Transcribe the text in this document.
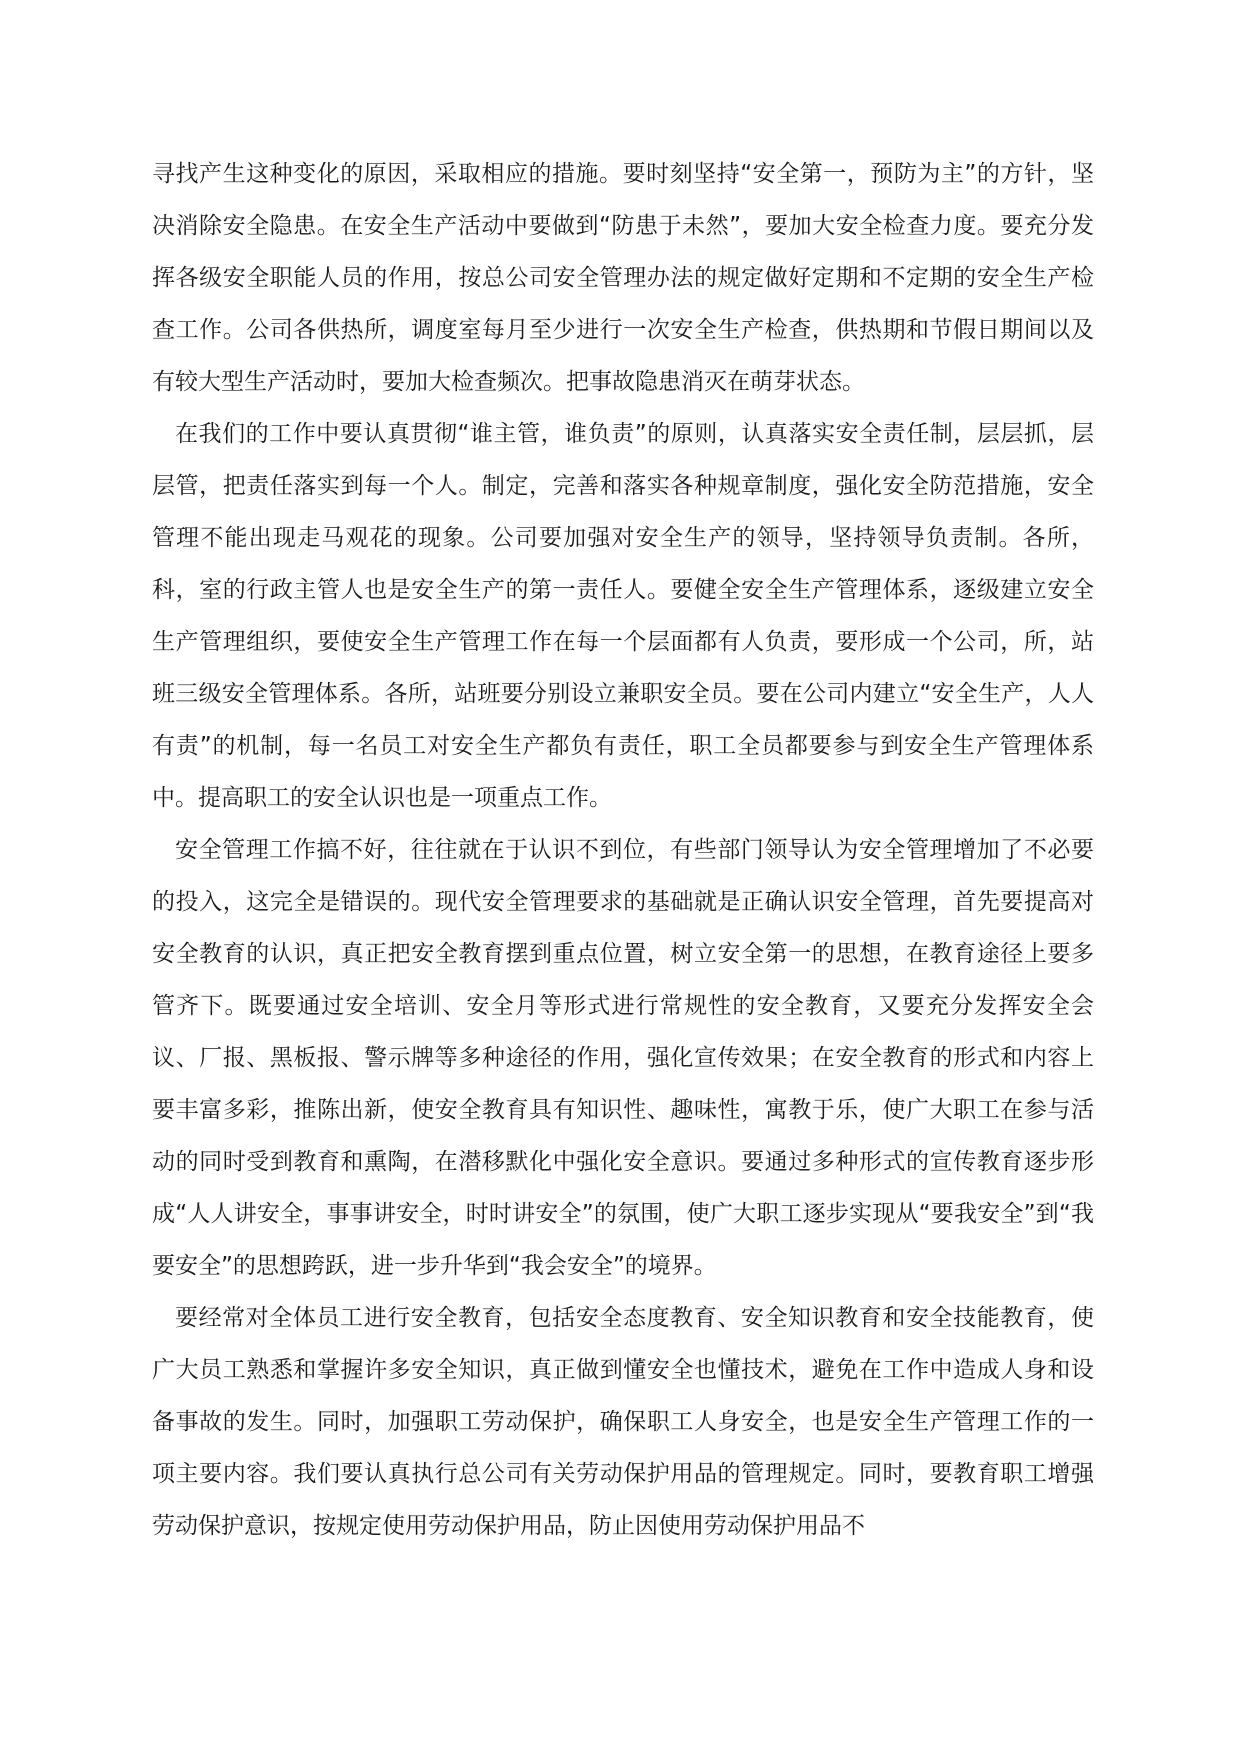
寻找产生这种变化的原因，采取相应的措施。要时刻坚持“安全第一，预防为主”的方针，坚决消除安全隐患。在安全生产活动中要做到“防患于未然”，要加大安全检查力度。要充分发挥各级安全职能人员的作用，按总公司安全管理办法的规定做好定期和不定期的安全生产检查工作。公司各供热所，调度室每月至少进行一次安全生产检查，供热期和节假日期间以及有较大型生产活动时，要加大检查频次。把事故隐患消灭在萌芽状态。

在我们的工作中要认真贯彻“谁主管，谁负责”的原则，认真落实安全责任制，层层抓，层层管，把责任落实到每一个人。制定，完善和落实各种规章制度，强化安全防范措施，安全管理不能出现走马观花的现象。公司要加强对安全生产的领导，坚持领导负责制。各所，科，室的行政主管人也是安全生产的第一责任人。要健全安全生产管理体系，逐级建立安全生产管理组织，要使安全生产管理工作在每一个层面都有人负责，要形成一个公司，所，站班三级安全管理体系。各所，站班要分别设立兼职安全员。要在公司内建立“安全生产，人人有责”的机制，每一名员工对安全生产都负有责任，职工全员都要参与到安全生产管理体系中。提高职工的安全认识也是一项重点工作。

安全管理工作搞不好，往往就在于认识不到位，有些部门领导认为安全管理增加了不必要的投入，这完全是错误的。现代安全管理要求的基础就是正确认识安全管理，首先要提高对安全教育的认识，真正把安全教育摆到重点位置，树立安全第一的思想，在教育途径上要多管齐下。既要通过安全培训、安全月等形式进行常规性的安全教育，又要充分发挥安全会议、厂报、黑板报、警示牌等多种途径的作用，强化宣传效果；在安全教育的形式和内容上要丰富多彩，推陈出新，使安全教育具有知识性、趣味性，寓教于乐，使广大职工在参与活动的同时受到教育和熏陶，在潜移默化中强化安全意识。要通过多种形式的宣传教育逐步形成“人人讲安全，事事讲安全，时时讲安全”的氛围，使广大职工逐步实现从“要我安全”到“我要安全”的思想跨跃，进一步升华到“我会安全”的境界。

要经常对全体员工进行安全教育，包括安全态度教育、安全知识教育和安全技能教育，使广大员工熟悉和掌握许多安全知识，真正做到懂安全也懂技术，避免在工作中造成人身和设备事故的发生。同时，加强职工劳动保护，确保职工人身安全，也是安全生产管理工作的一项主要内容。我们要认真执行总公司有关劳动保护用品的管理规定。同时，要教育职工增强劳动保护意识，按规定使用劳动保护用品，防止因使用劳动保护用品不
